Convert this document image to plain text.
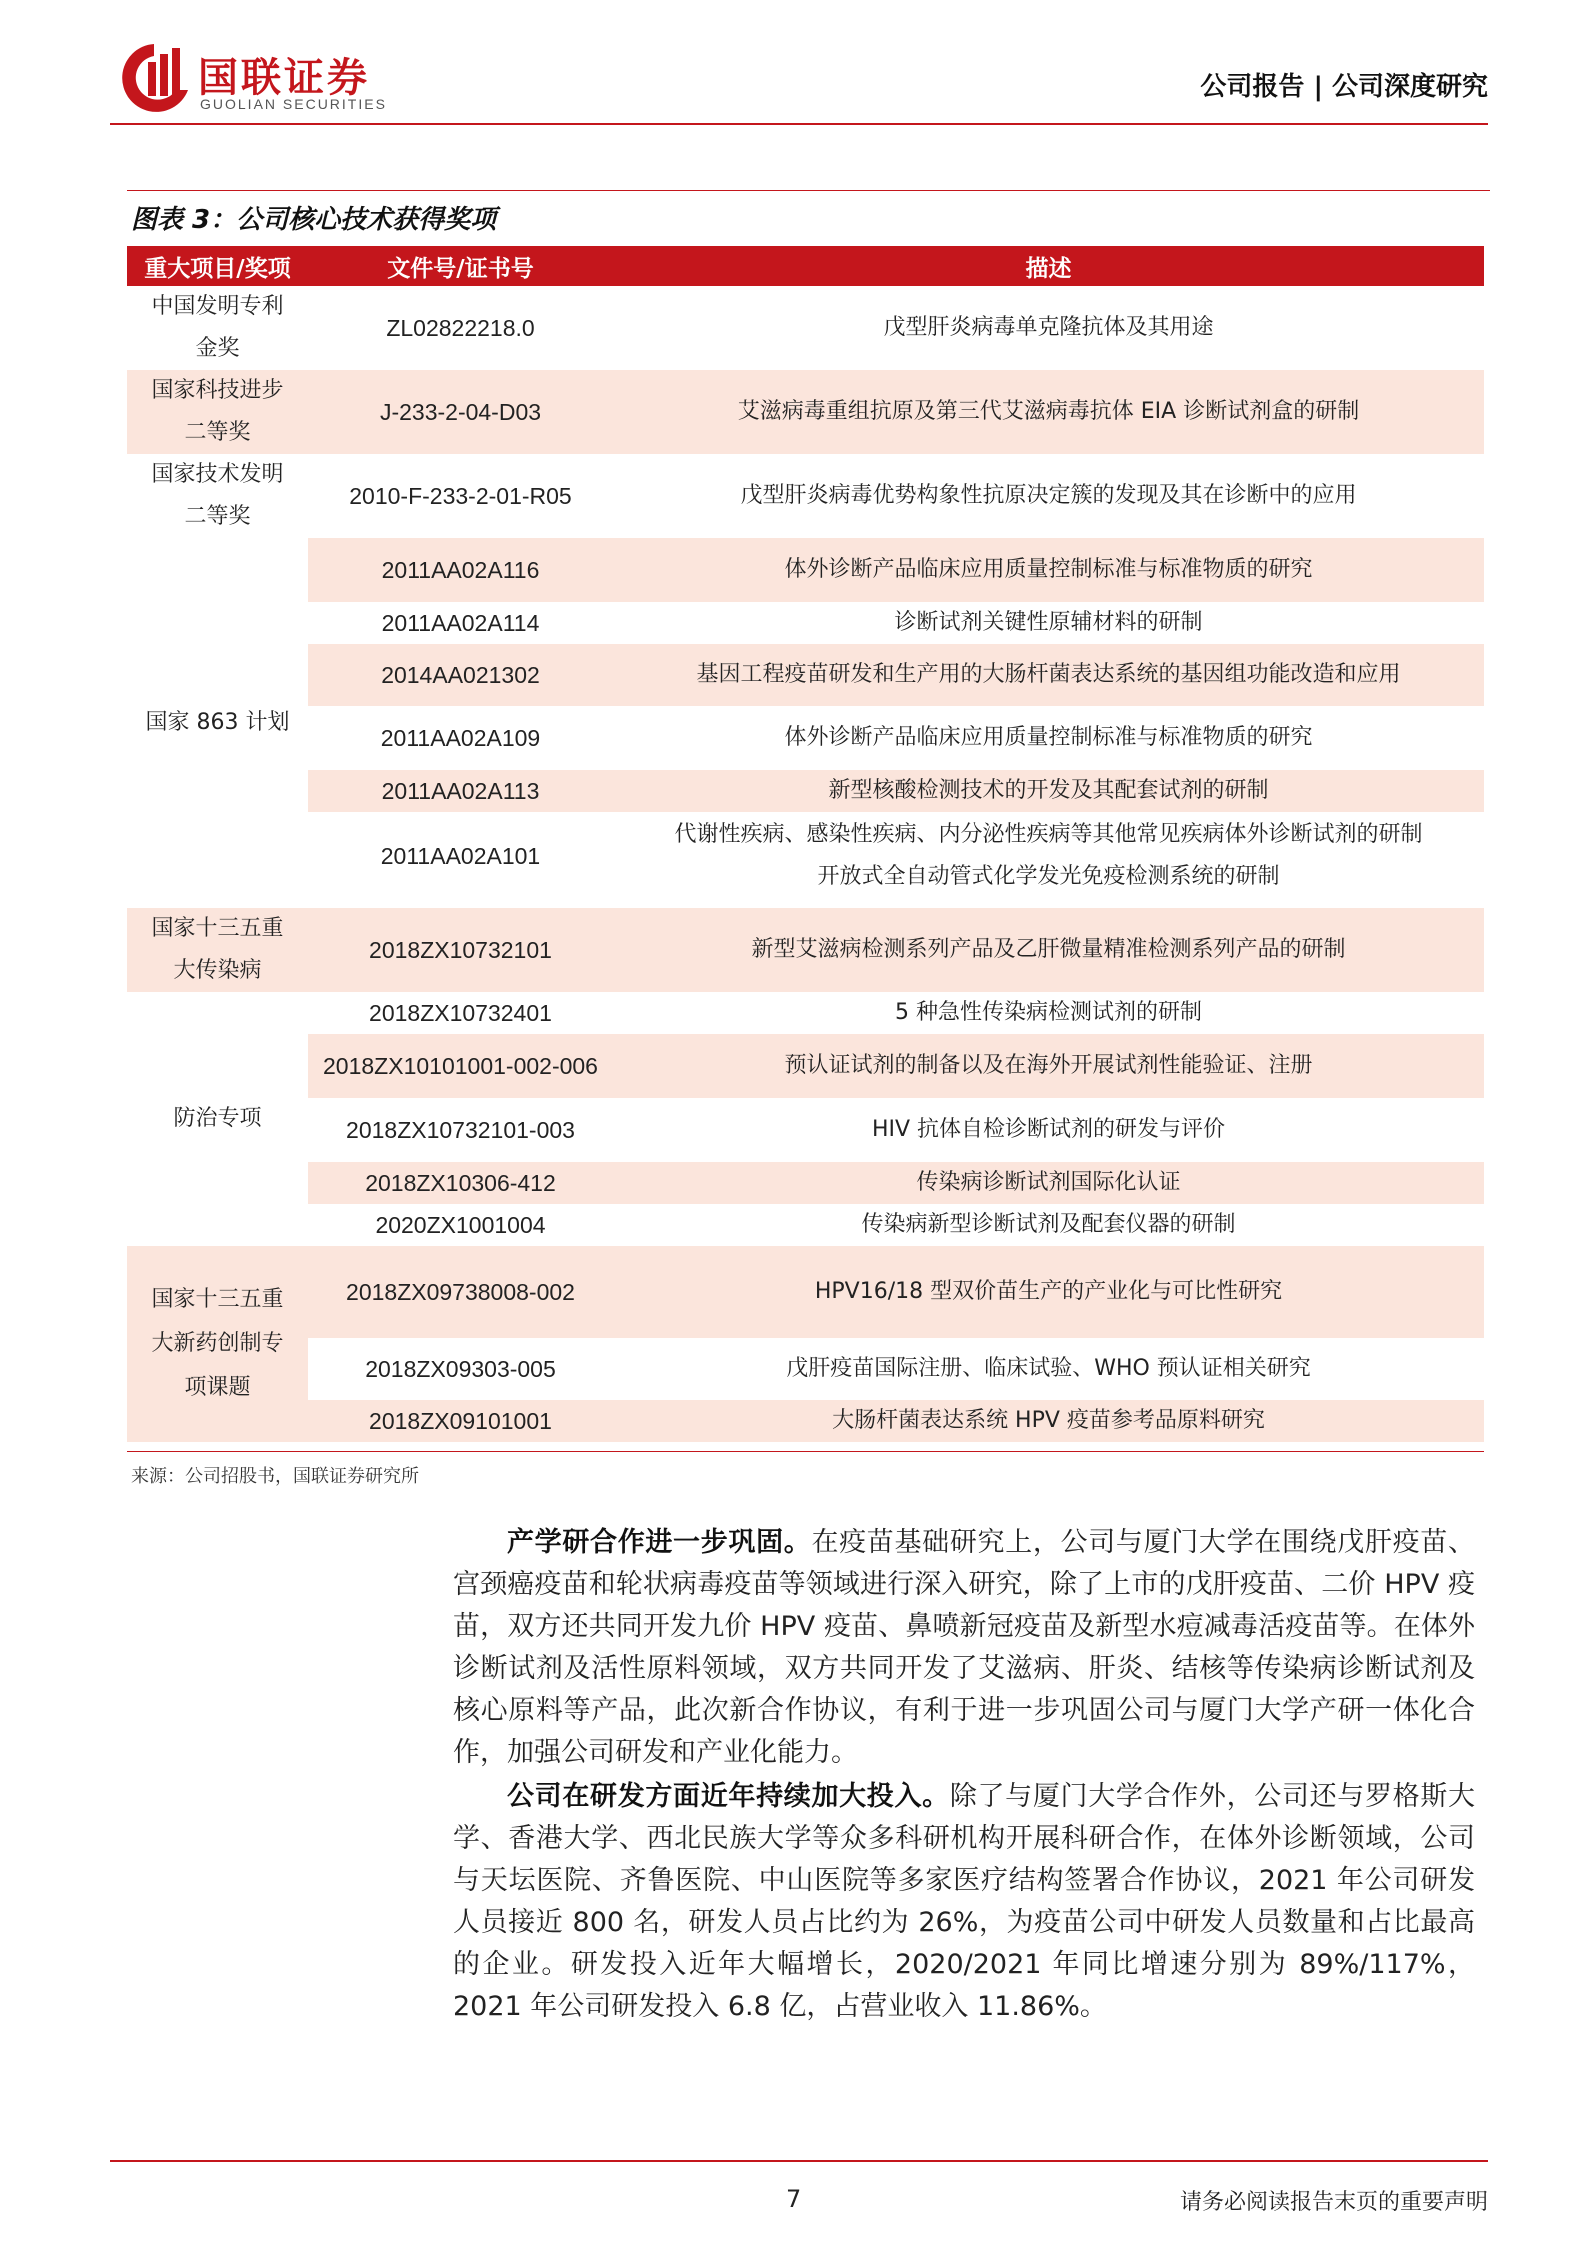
国联证券
GUOLIAN SECURITIES
公司报告 | 公司深度研究
图表 3：公司核心技术获得奖项
重大项目/奖项	文件号/证书号	描述

中国发明专利
金奖	ZL02822218.0	戊型肝炎病毒单克隆抗体及其用途

国家科技进步
二等奖	J-233-2-04-D03	艾滋病毒重组抗原及第三代艾滋病毒抗体 EIA 诊断试剂盒的研制

国家技术发明
二等奖	2010-F-233-2-01-R05	戊型肝炎病毒优势构象性抗原决定簇的发现及其在诊断中的应用

国家 863 计划	2011AA02A116	体外诊断产品临床应用质量控制标准与标准物质的研究
	2011AA02A114	诊断试剂关键性原辅材料的研制
	2014AA021302	基因工程疫苗研发和生产用的大肠杆菌表达系统的基因组功能改造和应用
	2011AA02A109	体外诊断产品临床应用质量控制标准与标准物质的研究
	2011AA02A113	新型核酸检测技术的开发及其配套试剂的研制
	2011AA02A101	代谢性疾病、感染性疾病、内分泌性疾病等其他常见疾病体外诊断试剂的研制
开放式全自动管式化学发光免疫检测系统的研制

国家十三五重
大传染病	2018ZX10732101	新型艾滋病检测系列产品及乙肝微量精准检测系列产品的研制

防治专项	2018ZX10732401	5 种急性传染病检测试剂的研制
	2018ZX10101001-002-006	预认证试剂的制备以及在海外开展试剂性能验证、注册
	2018ZX10732101-003	HIV 抗体自检诊断试剂的研发与评价
	2018ZX10306-412	传染病诊断试剂国际化认证
	2020ZX1001004	传染病新型诊断试剂及配套仪器的研制

国家十三五重
大新药创制专
项课题	2018ZX09738008-002	HPV16/18 型双价苗生产的产业化与可比性研究
	2018ZX09303-005	戊肝疫苗国际注册、临床试验、WHO 预认证相关研究
	2018ZX09101001	大肠杆菌表达系统 HPV 疫苗参考品原料研究
来源：公司招股书，国联证券研究所
产学研合作进一步巩固。在疫苗基础研究上，公司与厦门大学在围绕戊肝疫苗、宫颈癌疫苗和轮状病毒疫苗等领域进行深入研究，除了上市的戊肝疫苗、二价 HPV 疫苗，双方还共同开发九价 HPV 疫苗、鼻喷新冠疫苗及新型水痘减毒活疫苗等。在体外诊断试剂及活性原料领域，双方共同开发了艾滋病、肝炎、结核等传染病诊断试剂及核心原料等产品，此次新合作协议，有利于进一步巩固公司与厦门大学产研一体化合作，加强公司研发和产业化能力。
公司在研发方面近年持续加大投入。除了与厦门大学合作外，公司还与罗格斯大学、香港大学、西北民族大学等众多科研机构开展科研合作，在体外诊断领域，公司与天坛医院、齐鲁医院、中山医院等多家医疗结构签署合作协议，2021 年公司研发人员接近 800 名，研发人员占比约为 26%，为疫苗公司中研发人员数量和占比最高的企业。研发投入近年大幅增长，2020/2021 年同比增速分别为 89%/117%，2021 年公司研发投入 6.8 亿，占营业收入 11.86%。
7	请务必阅读报告末页的重要声明
